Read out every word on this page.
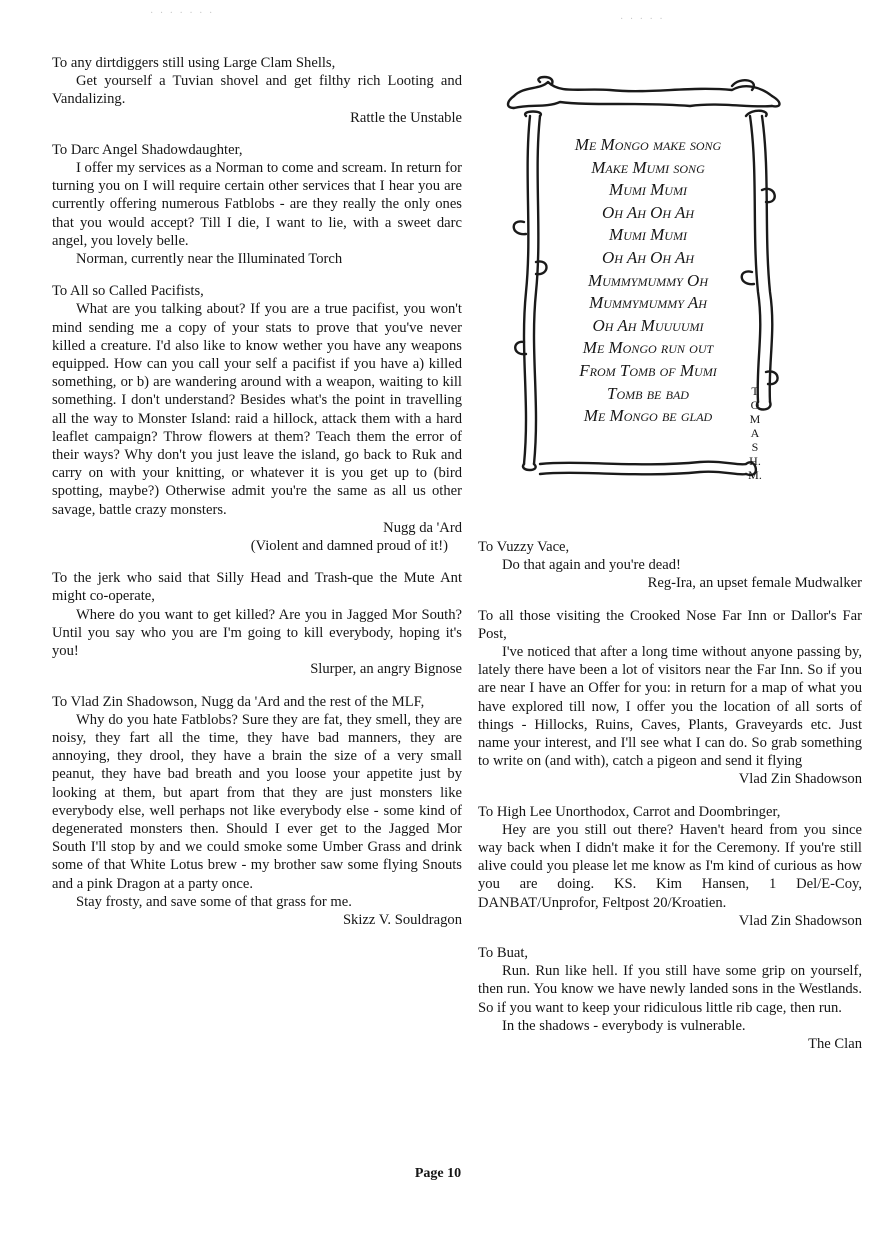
· · · · · · ·
· · · · ·

To any dirtdiggers still using Large Clam Shells,

Get yourself a Tuvian shovel and get filthy rich Looting and Vandalizing.

Rattle the Unstable

To Darc Angel Shadowdaughter,

I offer my services as a Norman to come and scream. In return for turning you on I will require certain other services that I hear you are currently offering numerous Fatblobs - are they really the only ones that you would accept? Till I die, I want to lie, with a sweet darc angel, you lovely belle.

Norman, currently near the Illuminated Torch

To All so Called Pacifists,

What are you talking about? If you are a true pacifist, you won't mind sending me a copy of your stats to prove that you've never killed a creature. I'd also like to know wether you have any weapons equipped. How can you call your self a pacifist if you have a) killed something, or b) are wandering around with a weapon, waiting to kill something. I don't understand? Besides what's the point in travelling all the way to Monster Island: raid a hillock, attack them with a hard leaflet campaign? Throw flowers at them? Teach them the error of their ways? Why don't you just leave the island, go back to Ruk and carry on with your knitting, or whatever it is you get up to (bird spotting, maybe?) Otherwise admit you're the same as all us other savage, battle crazy monsters.

Nugg da 'Ard

(Violent and damned proud of it!)

To the jerk who said that Silly Head and Trash-que the Mute Ant might co-operate,

Where do you want to get killed? Are you in Jagged Mor South? Until you say who you are I'm going to kill everybody, hoping it's you!

Slurper, an angry Bignose

To Vlad Zin Shadowson, Nugg da 'Ard and the rest of the MLF,

Why do you hate Fatblobs? Sure they are fat, they smell, they are noisy, they fart all the time, they have bad manners, they are annoying, they drool, they have a brain the size of a very small peanut, they have bad breath and you loose your appetite just by looking at them, but apart from that they are just monsters like everybody else, well perhaps not like everybody else - some kind of degenerated monsters then. Should I ever get to the Jagged Mor South I'll stop by and we could smoke some Umber Grass and drink some of that White Lotus brew - my brother saw some flying Snouts and a pink Dragon at a party once.

Stay frosty, and save some of that grass for me.

Skizz V. Souldragon

Me Mongo make song
Make Mumi song
Mumi Mumi
Oh Ah Oh Ah
Mumi Mumi
Oh Ah Oh Ah
Mummymummy Oh
Mummymummy Ah
Oh Ah Muuuumi
Me Mongo run out
From Tomb of Mumi
Tomb be bad
Me Mongo be glad
T
O
M
A
S
H.
M.

To Vuzzy Vace,

Do that again and you're dead!

Reg-Ira, an upset female Mudwalker

To all those visiting the Crooked Nose Far Inn or Dallor's Far Post,

I've noticed that after a long time without anyone passing by, lately there have been a lot of visitors near the Far Inn. So if you are near I have an Offer for you: in return for a map of what you have explored till now, I offer you the location of all sorts of things - Hillocks, Ruins, Caves, Plants, Graveyards etc. Just name your interest, and I'll see what I can do. So grab something to write on (and with), catch a pigeon and send it flying

Vlad Zin Shadowson

To High Lee Unorthodox, Carrot and Doombringer,

Hey are you still out there? Haven't heard from you since way back when I didn't make it for the Ceremony. If you're still alive could you please let me know as I'm kind of curious as how you are doing. KS. Kim Hansen, 1 Del/E-Coy, DANBAT/Unprofor, Feltpost 20/Kroatien.

Vlad Zin Shadowson

To Buat,

Run. Run like hell. If you still have some grip on yourself, then run. You know we have newly landed sons in the Westlands. So if you want to keep your ridiculous little rib cage, then run.

In the shadows - everybody is vulnerable.

The Clan

Page 10
